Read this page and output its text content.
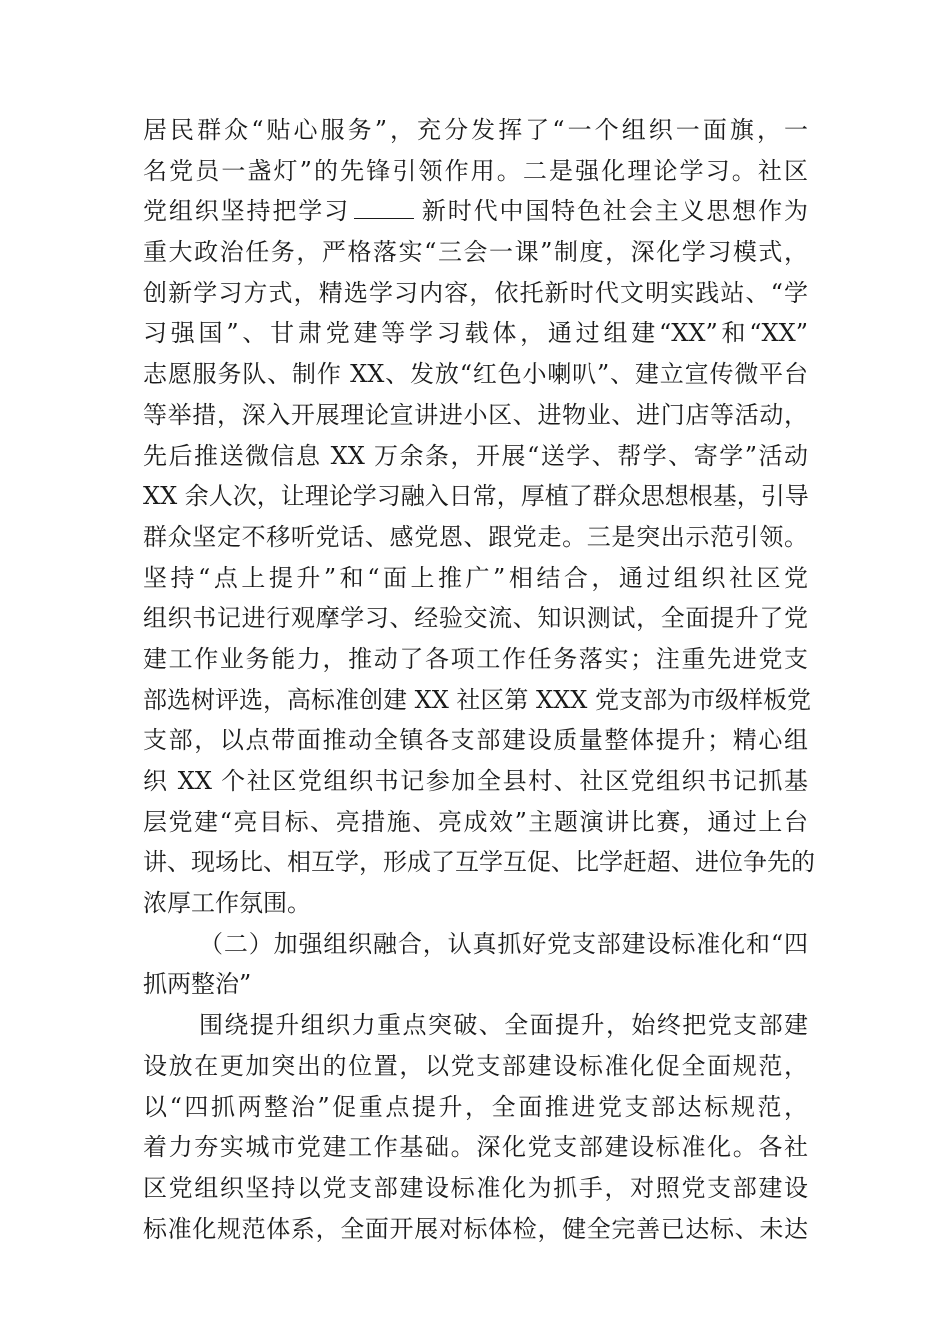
居民群众“贴心服务”，充分发挥了“一个组织一面旗，一
名党员一盏灯”的先锋引领作用。二是强化理论学习。社区
党组织坚持把学习	新时代中国特色社会主义思想作为
重大政治任务，严格落实“三会一课”制度，深化学习模式，
创新学习方式，精选学习内容，依托新时代文明实践站、“学
习强国”、甘肃党建等学习载体，通过组建“XX”和“XX”
志愿服务队、制作 XX、发放“红色小喇叭”、建立宣传微平台
等举措，深入开展理论宣讲进小区、进物业、进门店等活动，
先后推送微信息 XX 万余条，开展“送学、帮学、寄学”活动
XX 余人次，让理论学习融入日常，厚植了群众思想根基，引导
群众坚定不移听党话、感党恩、跟党走。三是突出示范引领。
坚持“点上提升”和“面上推广”相结合，通过组织社区党
组织书记进行观摩学习、经验交流、知识测试，全面提升了党
建工作业务能力，推动了各项工作任务落实；注重先进党支
部选树评选，高标准创建 XX 社区第 XXX 党支部为市级样板党
支部，以点带面推动全镇各支部建设质量整体提升；精心组
织 XX 个社区党组织书记参加全县村、社区党组织书记抓基
层党建“亮目标、亮措施、亮成效”主题演讲比赛，通过上台
讲、现场比、相互学，形成了互学互促、比学赶超、进位争先的
浓厚工作氛围。
（二）加强组织融合，认真抓好党支部建设标准化和“四
抓两整治”
围绕提升组织力重点突破、全面提升，始终把党支部建
设放在更加突出的位置，以党支部建设标准化促全面规范，
以“四抓两整治”促重点提升，全面推进党支部达标规范，
着力夯实城市党建工作基础。深化党支部建设标准化。各社
区党组织坚持以党支部建设标准化为抓手，对照党支部建设
标准化规范体系，全面开展对标体检，健全完善已达标、未达
